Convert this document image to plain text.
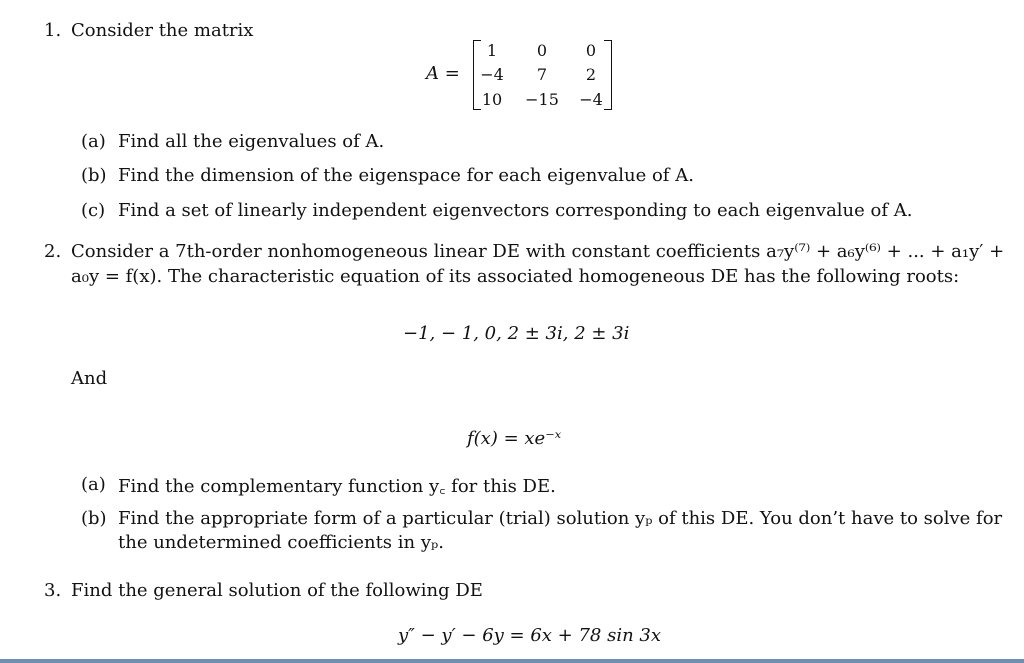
1. Consider the matrix
A =
1	0	0
−4	7	2
10	−15	−4
(a) Find all the eigenvalues of A.
(b) Find the dimension of the eigenspace for each eigenvalue of A.
(c) Find a set of linearly independent eigenvectors corresponding to each eigenvalue of A.
2. Consider a 7th-order nonhomogeneous linear DE with constant coefficients a₇y⁽⁷⁾ + a₆y⁽⁶⁾ + ... + a₁y′ +
a₀y = f(x). The characteristic equation of its associated homogeneous DE has the following roots:
−1, − 1, 0, 2 ± 3i, 2 ± 3i
And
f(x) = xe⁻ˣ
(a) Find the complementary function y꜀ for this DE.
(b) Find the appropriate form of a particular (trial) solution yₚ of this DE. You don’t have to solve for
the undetermined coefficients in yₚ.
3. Find the general solution of the following DE
y″ − y′ − 6y = 6x + 78 sin 3x
